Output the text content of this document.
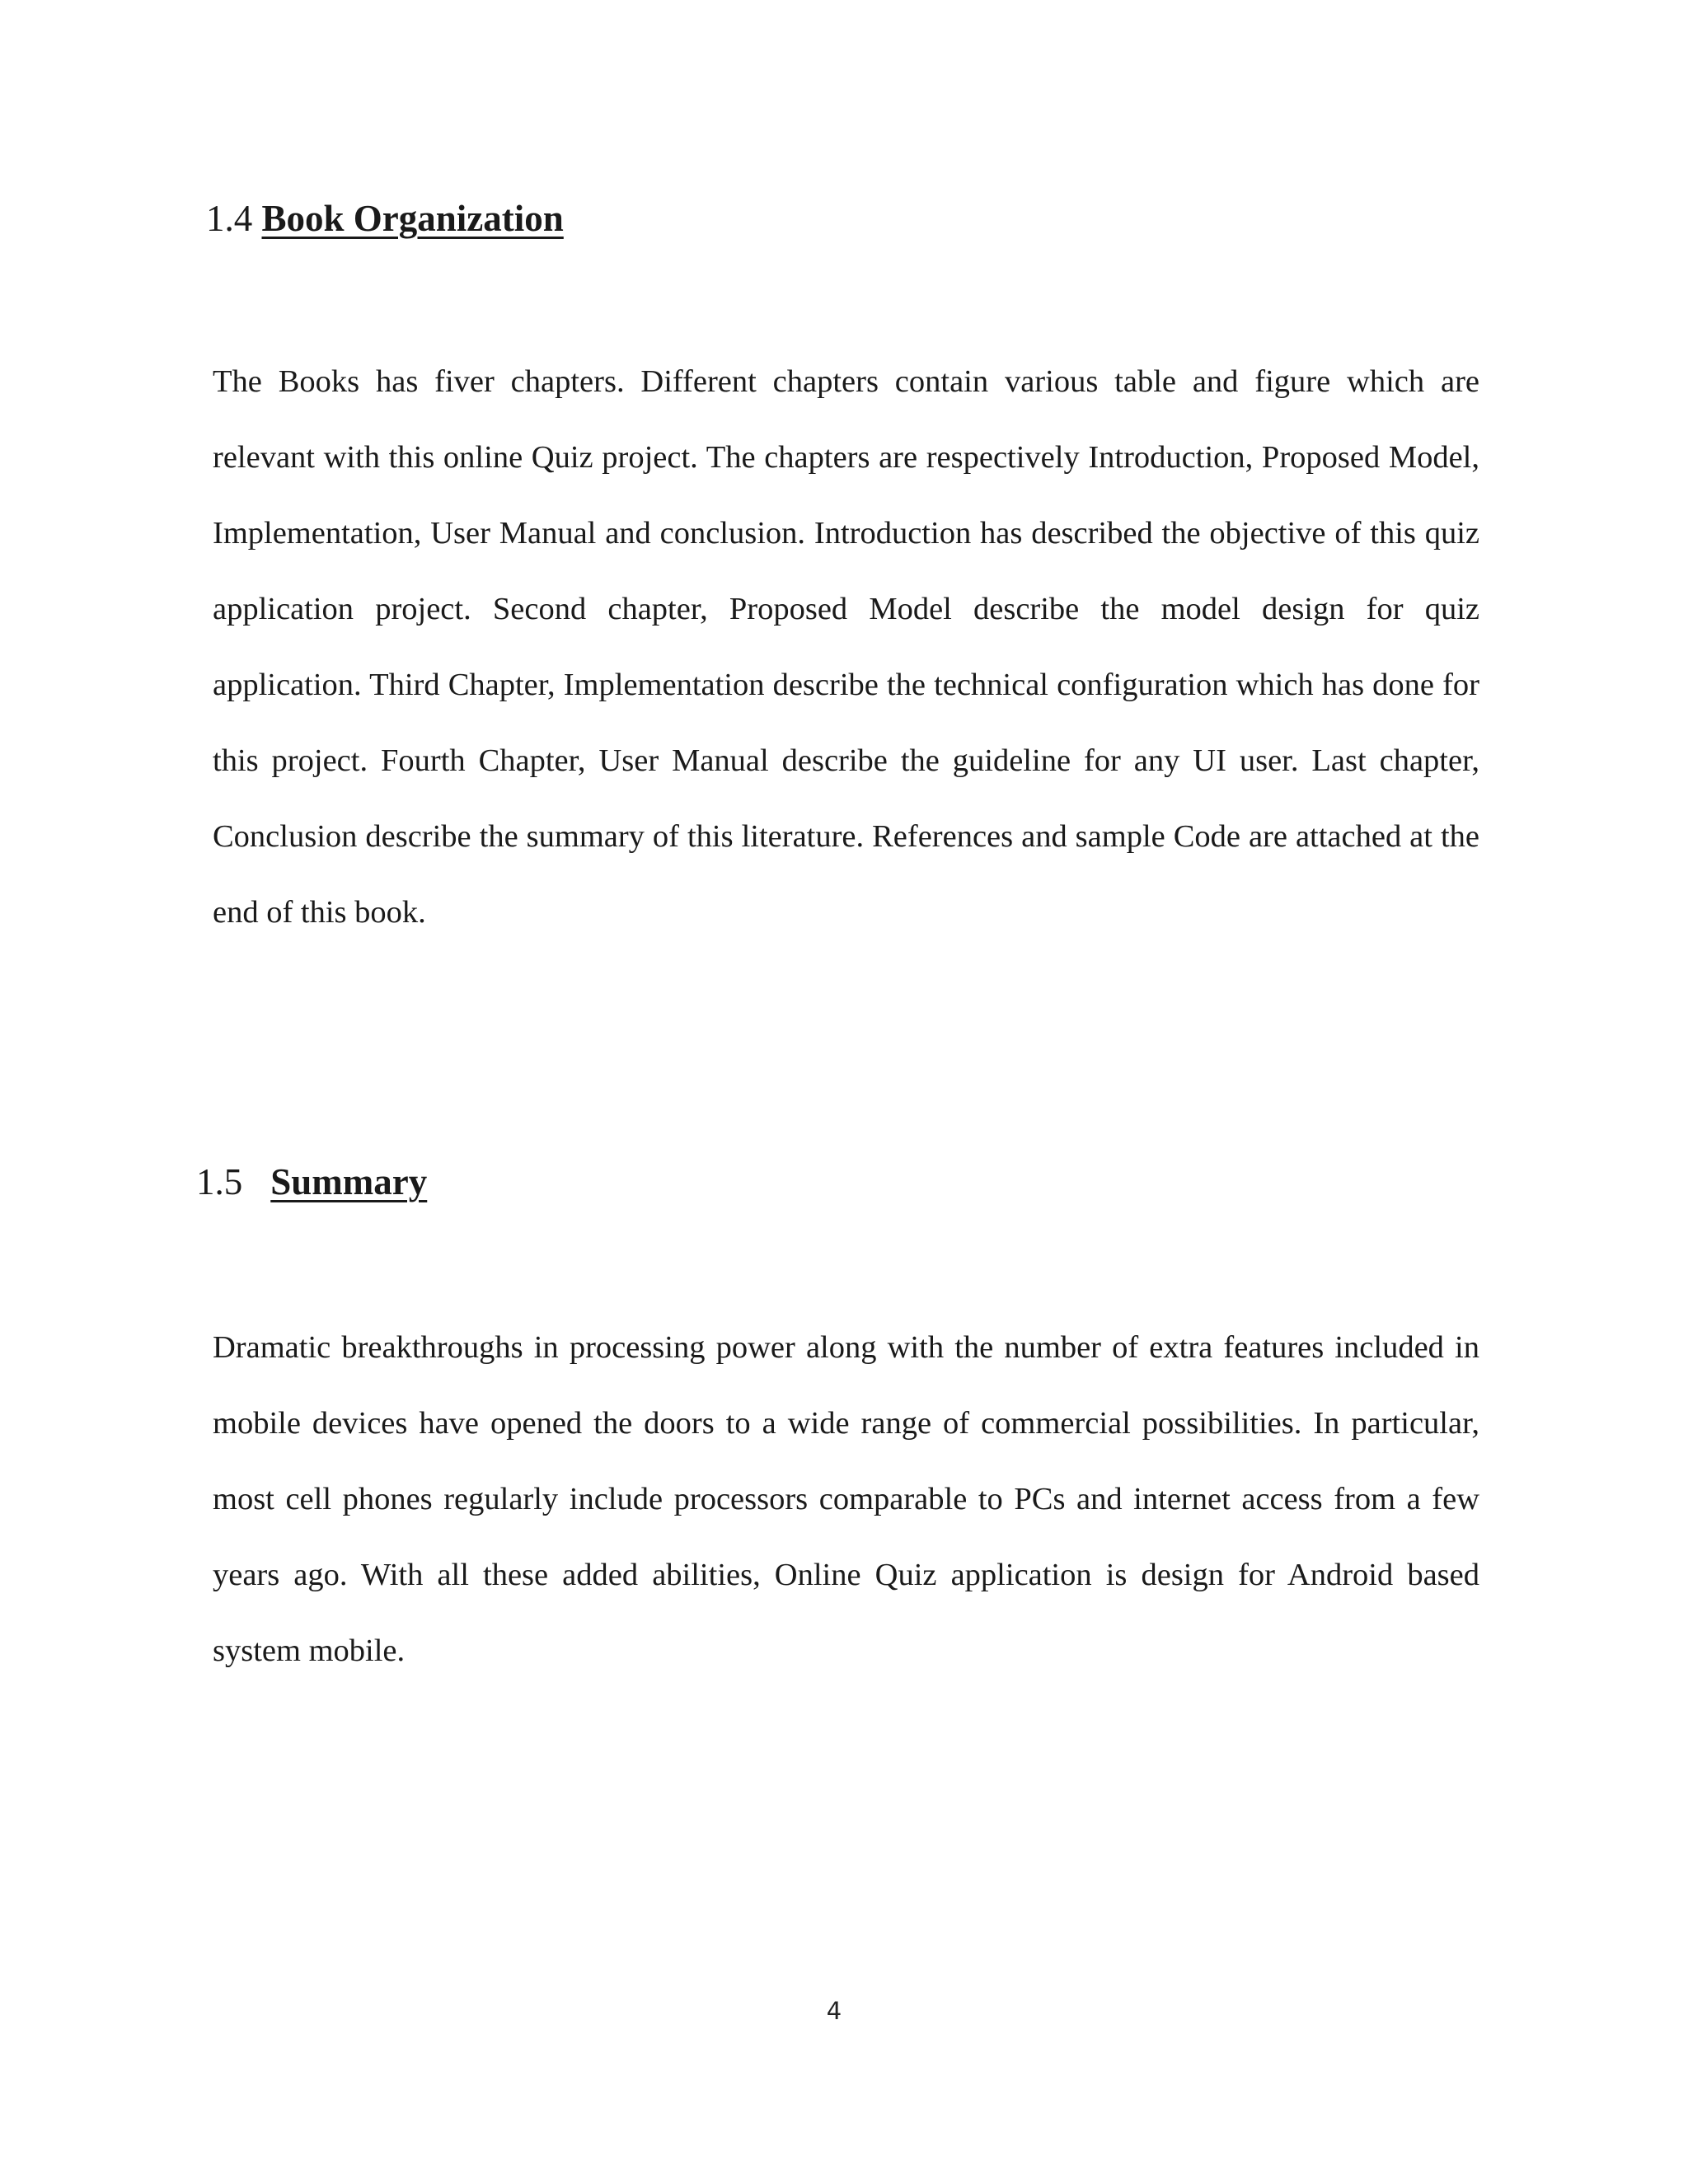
1.4 Book Organization

The Books has fiver chapters. Different chapters contain various table and figure which are relevant with this online Quiz project. The chapters are respectively Introduction, Proposed Model, Implementation, User Manual and conclusion. Introduction has described the objective of this quiz application project. Second chapter, Proposed Model describe the model design for quiz application. Third Chapter, Implementation describe the technical configuration which has done for this project. Fourth Chapter, User Manual describe the guideline for any UI user. Last chapter, Conclusion describe the summary of this literature. References and sample Code are attached at the end of this book.

1.5 Summary

Dramatic breakthroughs in processing power along with the number of extra features included in mobile devices have opened the doors to a wide range of commercial possibilities. In particular, most cell phones regularly include processors comparable to PCs and internet access from a few years ago. With all these added abilities, Online Quiz application is design for Android based system mobile.

4
